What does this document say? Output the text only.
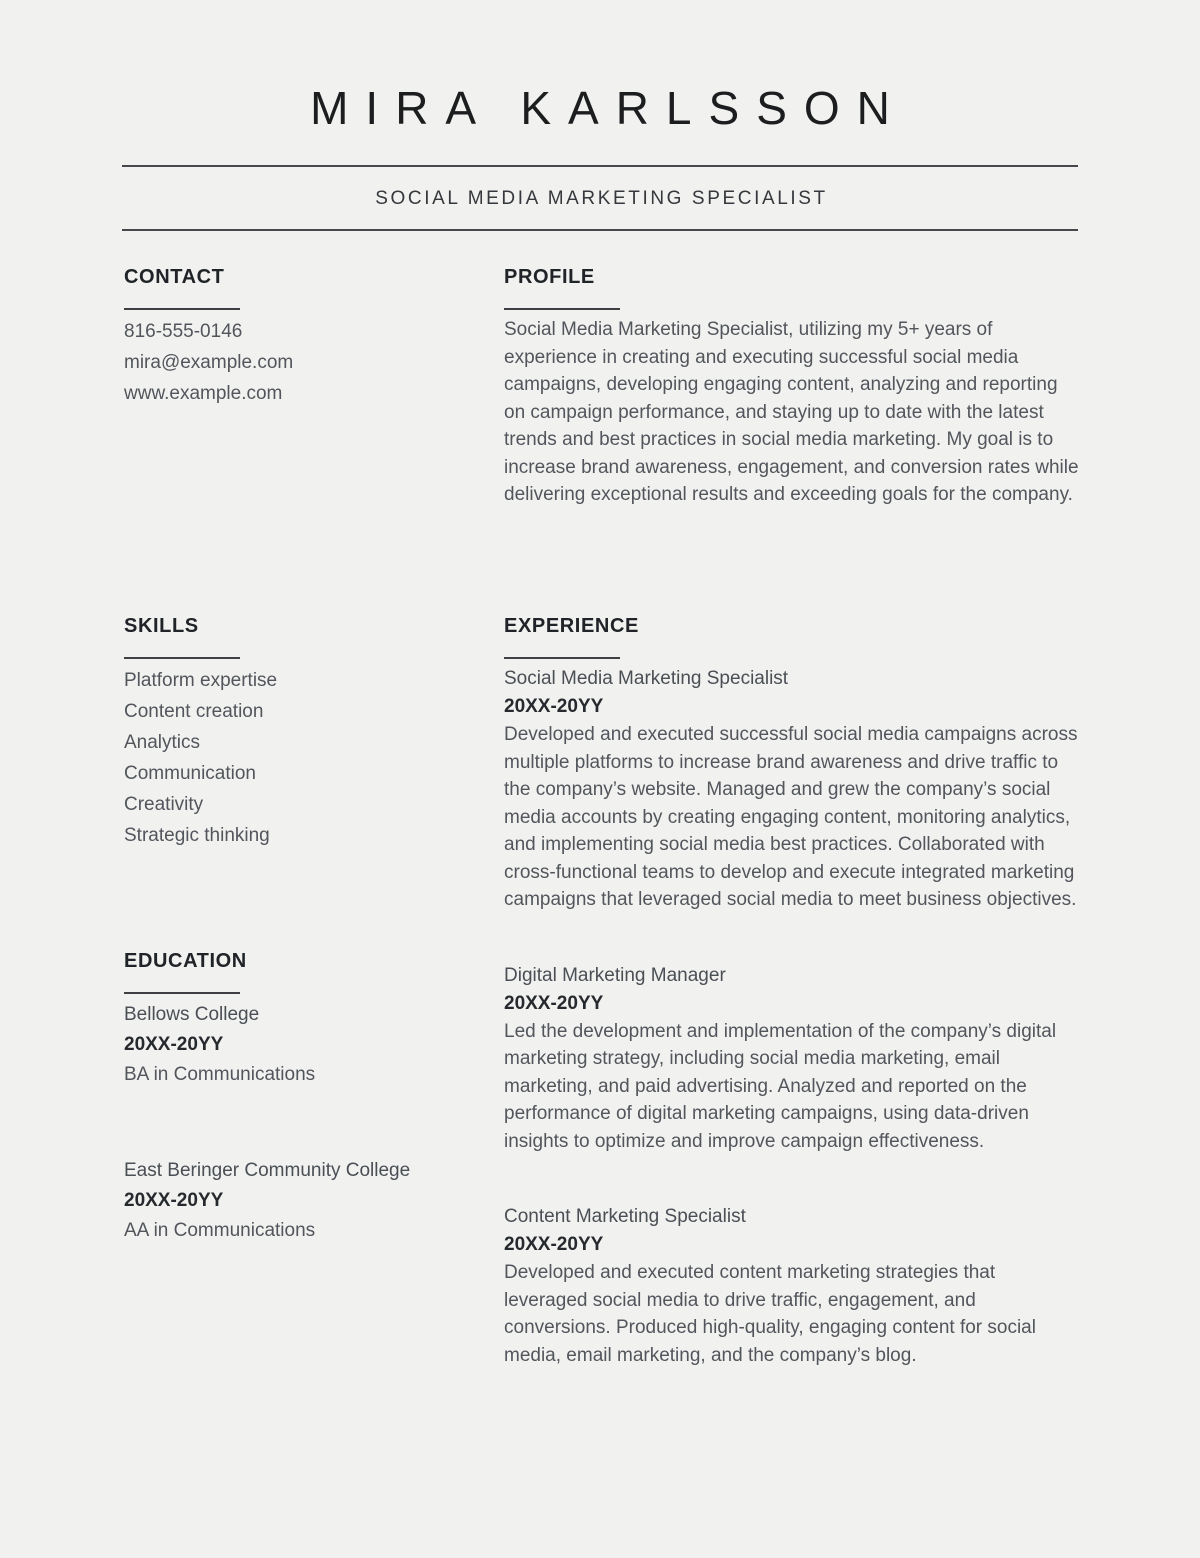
MIRA KARLSSON
SOCIAL MEDIA MARKETING SPECIALIST
CONTACT
816-555-0146
mira@example.com
www.example.com
PROFILE

Social Media Marketing Specialist, utilizing my 5+ years of experience in creating and executing successful social media campaigns, developing engaging content, analyzing and reporting on campaign performance, and staying up to date with the latest trends and best practices in social media marketing. My goal is to increase brand awareness, engagement, and conversion rates while delivering exceptional results and exceeding goals for the company.

SKILLS
Platform expertise
Content creation
Analytics
Communication
Creativity
Strategic thinking
EXPERIENCE
Social Media Marketing Specialist
20XX-20YY

Developed and executed successful social media campaigns across multiple platforms to increase brand awareness and drive traffic to the company’s website. Managed and grew the company’s social media accounts by creating engaging content, monitoring analytics, and implementing social media best practices. Collaborated with cross-functional teams to develop and execute integrated marketing campaigns that leveraged social media to meet business objectives.

Digital Marketing Manager
20XX-20YY

Led the development and implementation of the company’s digital marketing strategy, including social media marketing, email marketing, and paid advertising. Analyzed and reported on the performance of digital marketing campaigns, using data-driven insights to optimize and improve campaign effectiveness.

Content Marketing Specialist
20XX-20YY

Developed and executed content marketing strategies that leveraged social media to drive traffic, engagement, and conversions. Produced high-quality, engaging content for social media, email marketing, and the company’s blog.

EDUCATION
Bellows College
20XX-20YY
BA in Communications
East Beringer Community College
20XX-20YY
AA in Communications
